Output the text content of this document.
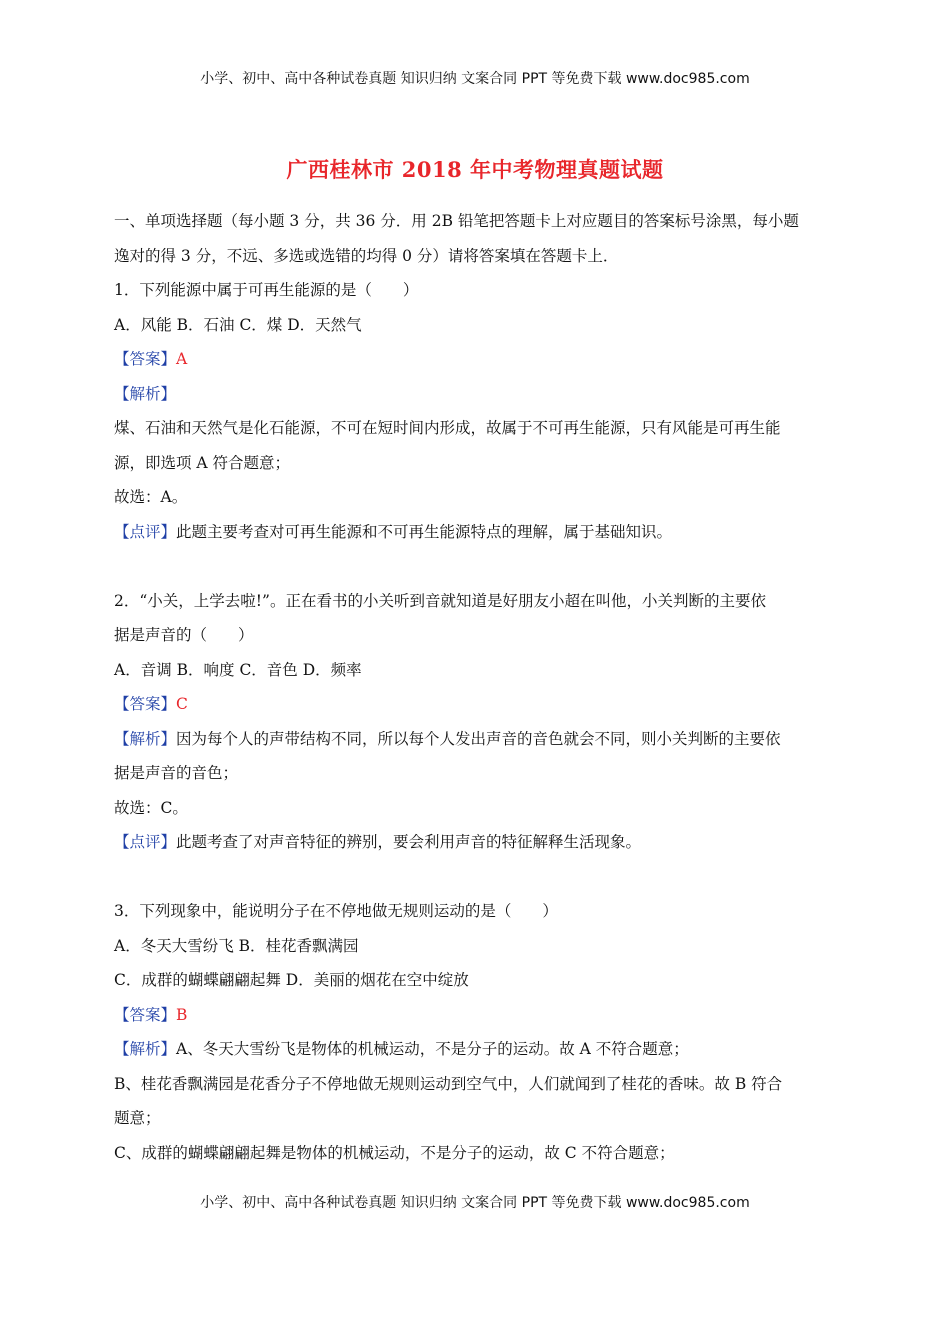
小学、初中、高中各种试卷真题 知识归纳 文案合同 PPT 等免费下载 www.doc985.com
广西桂林市 2018 年中考物理真题试题
一、单项选择题（每小题 3 分，共 36 分．用 2B 铅笔把答题卡上对应题目的答案标号涂黑，每小题
逸对的得 3 分，不远、多选或选错的均得 0 分）请将答案填在答题卡上．
1．下列能源中属于可再生能源的是（　　）
A．风能 B．石油 C．煤 D．天然气
【答案】A
【解析】
煤、石油和天然气是化石能源，不可在短时间内形成，故属于不可再生能源，只有风能是可再生能
源，即选项 A 符合题意；
故选：A。
【点评】此题主要考查对可再生能源和不可再生能源特点的理解，属于基础知识。
2．“小关，上学去啦!”。正在看书的小关听到音就知道是好朋友小超在叫他，小关判断的主要依
据是声音的（　　）
A．音调 B．响度 C．音色 D．频率
【答案】C
【解析】因为每个人的声带结构不同，所以每个人发出声音的音色就会不同，则小关判断的主要依
据是声音的音色；
故选：C。
【点评】此题考查了对声音特征的辨别，要会利用声音的特征解释生活现象。
3．下列现象中，能说明分子在不停地做无规则运动的是（　　）
A．冬天大雪纷飞 B．桂花香飘满园
C．成群的蝴蝶翩翩起舞 D．美丽的烟花在空中绽放
【答案】B
【解析】A、冬天大雪纷飞是物体的机械运动，不是分子的运动。故 A 不符合题意；
B、桂花香飘满园是花香分子不停地做无规则运动到空气中，人们就闻到了桂花的香味。故 B 符合
题意；
C、成群的蝴蝶翩翩起舞是物体的机械运动，不是分子的运动，故 C 不符合题意；
小学、初中、高中各种试卷真题 知识归纳 文案合同 PPT 等免费下载 www.doc985.com
